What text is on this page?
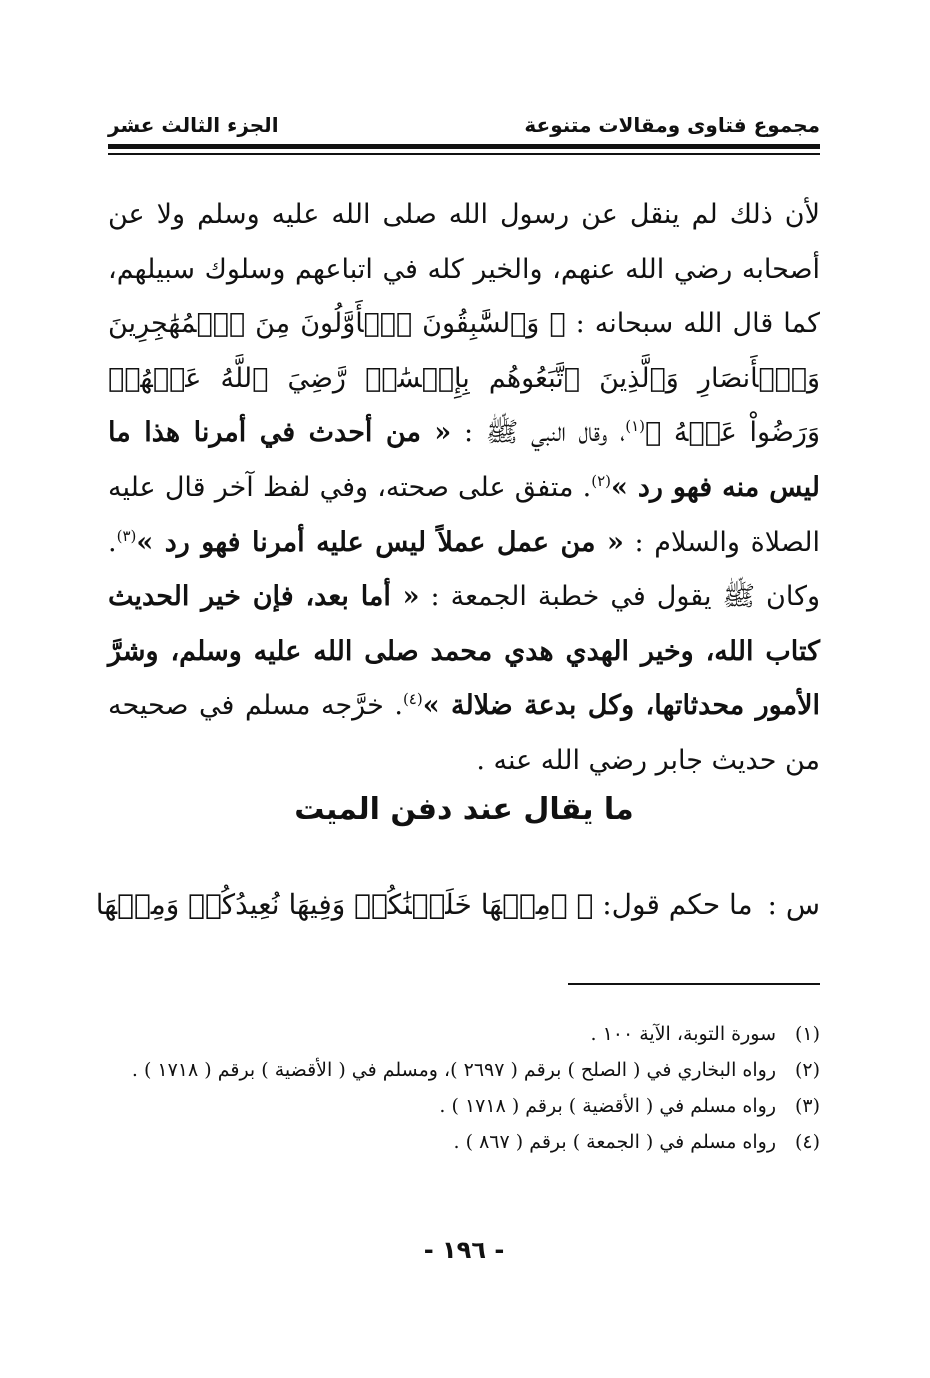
مجموع فتاوى ومقالات متنوعة
الجزء الثالث عشر
لأن ذلك لم ينقل عن رسول الله صلى الله عليه وسلم ولا عن أصحابه رضي الله عنهم، والخير كله في اتباعهم وسلوك سبيلهم، كما قال الله سبحانه : ﴿ وَٱلسَّٰبِقُونَ ٱلۡأَوَّلُونَ مِنَ ٱلۡمُهَٰجِرِينَ وَٱلۡأَنصَارِ وَٱلَّذِينَ ٱتَّبَعُوهُم بِإِحۡسَٰنٖ رَّضِيَ ٱللَّهُ عَنۡهُمۡ وَرَضُواْ عَنۡهُ ﴾$^{(١)}$، وقال النبي ﷺ : « من أحدث في أمرنا هذا ما ليس منه فهو رد »$^{(٢)}$. متفق على صحته، وفي لفظ آخر قال عليه الصلاة والسلام : « من عمل عملاً ليس عليه أمرنا فهو رد »$^{(٣)}$. وكان ﷺ يقول في خطبة الجمعة : « أما بعد، فإن خير الحديث كتاب الله، وخير الهدي هدي محمد صلى الله عليه وسلم، وشرَّ الأمور محدثاتها، وكل بدعة ضلالة »$^{(٤)}$. خرَّجه مسلم في صحيحه من حديث جابر رضي الله عنه .
ما يقال عند دفن الميت
س : ما حكم قول: ﴿ ۞مِنۡهَا خَلَقۡنَٰكُمۡ وَفِيهَا نُعِيدُكُمۡ وَمِنۡهَا
(١)
سورة التوبة، الآية ١٠٠ .
(٢)
رواه البخاري في ( الصلح ) برقم ( ٢٦٩٧ )، ومسلم في ( الأقضية ) برقم ( ١٧١٨ ) .
(٣)
رواه مسلم في ( الأقضية ) برقم ( ١٧١٨ ) .
(٤)
رواه مسلم في ( الجمعة ) برقم ( ٨٦٧ ) .
- ١٩٦ -
